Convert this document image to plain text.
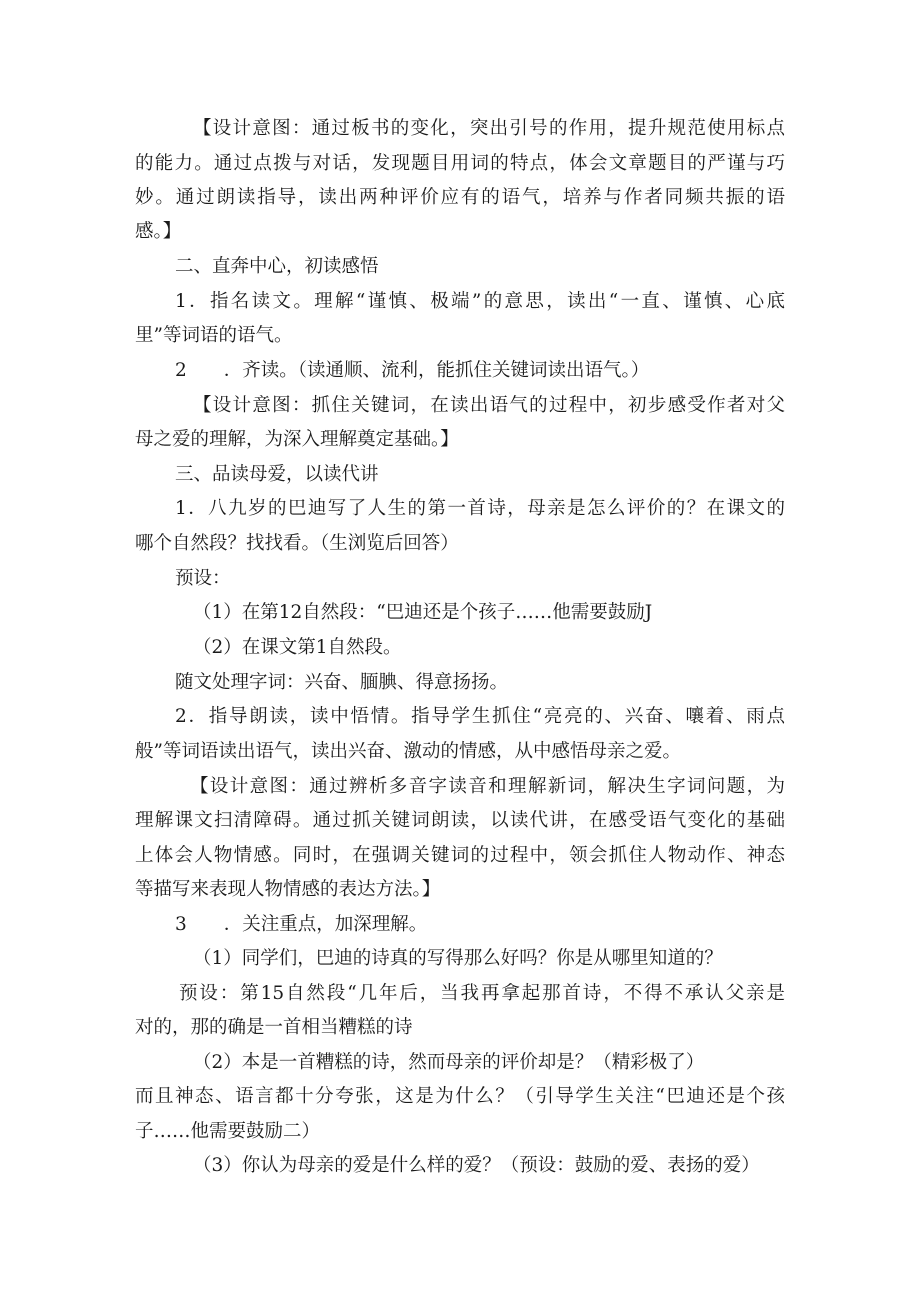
【设计意图：通过板书的变化，突出引号的作用，提升规范使用标点
的能力。通过点拨与对话，发现题目用词的特点，体会文章题目的严谨与巧
妙。通过朗读指导，读出两种评价应有的语气，培养与作者同频共振的语
感。】
二、直奔中心，初读感悟
1．指名读文。理解“谨慎、极端”的意思，读出“一直、谨慎、心底
里”等词语的语气。
2　　．齐读。（读通顺、流利，能抓住关键词读出语气。）
【设计意图：抓住关键词，在读出语气的过程中，初步感受作者对父
母之爱的理解，为深入理解奠定基础。】
三、品读母爱，以读代讲
1．八九岁的巴迪写了人生的第一首诗，母亲是怎么评价的？在课文的
哪个自然段？找找看。（生浏览后回答）
预设：
（1）在第12自然段：“巴迪还是个孩子……他需要鼓励J
（2）在课文第1自然段。
随文处理字词：兴奋、腼腆、得意扬扬。
2．指导朗读，读中悟情。指导学生抓住“亮亮的、兴奋、嚷着、雨点
般”等词语读出语气，读出兴奋、激动的情感，从中感悟母亲之爱。
【设计意图：通过辨析多音字读音和理解新词，解决生字词问题，为
理解课文扫清障碍。通过抓关键词朗读，以读代讲，在感受语气变化的基础
上体会人物情感。同时，在强调关键词的过程中，领会抓住人物动作、神态
等描写来表现人物情感的表达方法。】
3　　．关注重点，加深理解。
（1）同学们，巴迪的诗真的写得那么好吗？你是从哪里知道的？
预设：第15自然段“几年后，当我再拿起那首诗，不得不承认父亲是
对的，那的确是一首相当糟糕的诗
（2）本是一首糟糕的诗，然而母亲的评价却是？（精彩极了）
而且神态、语言都十分夸张，这是为什么？（引导学生关注“巴迪还是个孩
子……他需要鼓励二）
（3）你认为母亲的爱是什么样的爱？（预设：鼓励的爱、表扬的爱）
